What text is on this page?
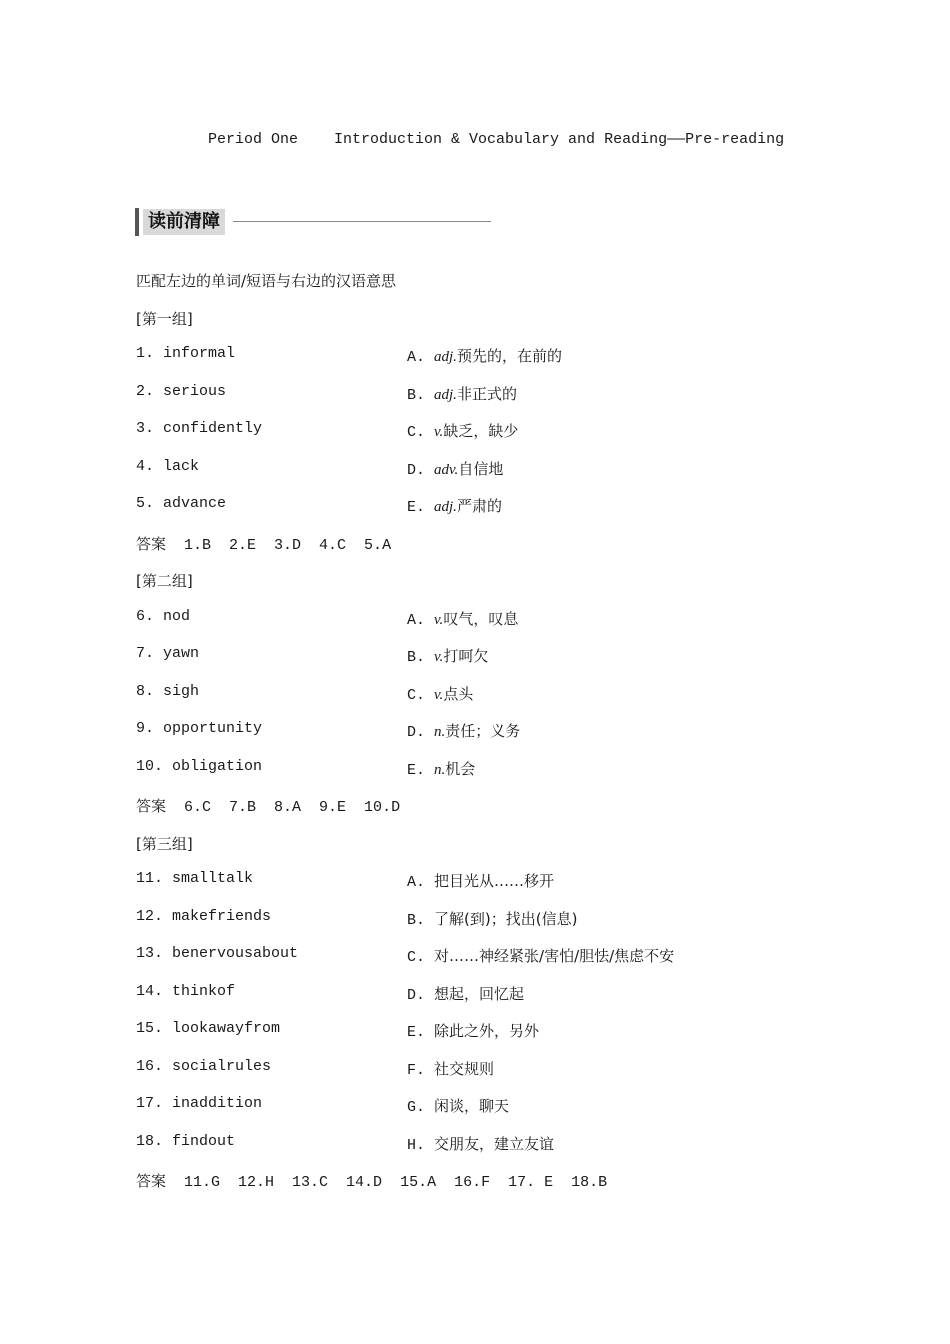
Period One    Introduction & Vocabulary and Reading——Pre-reading
读前清障
匹配左边的单词/短语与右边的汉语意思
[第一组]
1. informal	A. adj.预先的，在前的
2. serious	B. adj.非正式的
3. confidently	C. v.缺乏，缺少
4. lack	D. adv.自信地
5. advance	E. adj.严肃的
答案 1.B  2.E  3.D  4.C  5.A
[第二组]
6. nod	A. v.叹气，叹息
7. yawn	B. v.打呵欠
8. sigh	C. v.点头
9. opportunity	D. n.责任；义务
10. obligation	E. n.机会
答案 6.C  7.B  8.A  9.E  10.D
[第三组]
11. smalltalk	A. 把目光从……移开
12. makefriends	B. 了解(到)；找出(信息)
13. benervousabout	C. 对……神经紧张/害怕/胆怯/焦虑不安
14. thinkof	D. 想起，回忆起
15. lookawayfrom	E. 除此之外，另外
16. socialrules	F. 社交规则
17. inaddition	G. 闲谈，聊天
18. findout	H. 交朋友，建立友谊
答案 11.G  12.H  13.C  14.D  15.A  16.F  17. E  18.B
